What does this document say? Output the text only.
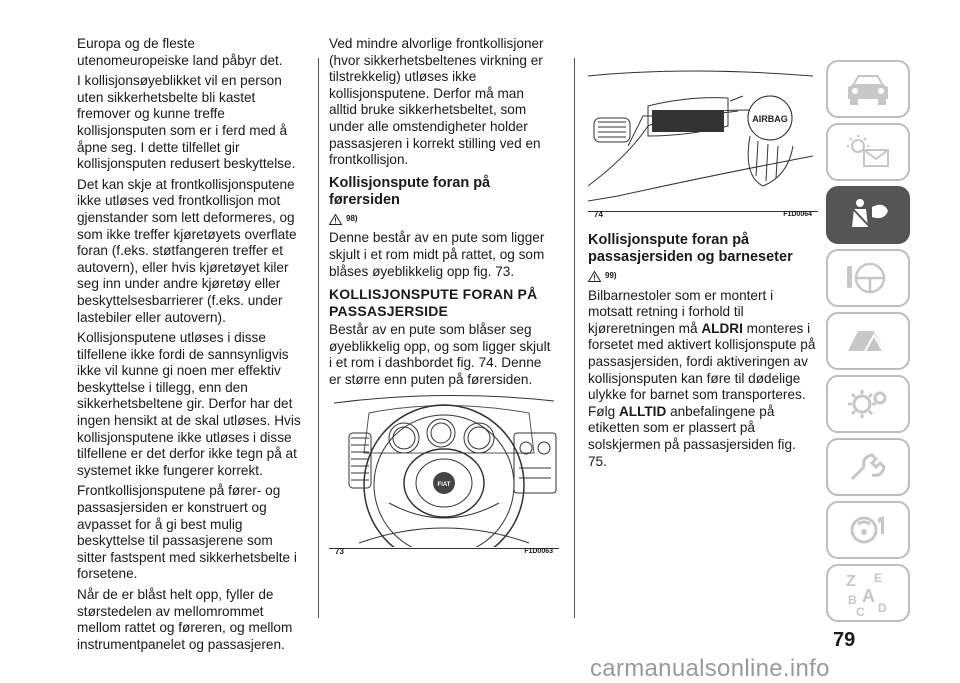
Europa og de fleste utenomeuropeiske land påbyr det.

I kollisjonsøyeblikket vil en person uten sikkerhetsbelte bli kastet fremover og kunne treffe kollisjonsputen som er i ferd med å åpne seg. I dette tilfellet gir kollisjonsputen redusert beskyttelse.

Det kan skje at frontkollisjonsputene ikke utløses ved frontkollisjon mot gjenstander som lett deformeres, og som ikke treffer kjøretøyets overflate foran (f.eks. støtfangeren treffer et autovern), eller hvis kjøretøyet kiler seg inn under andre kjøretøy eller beskyttelsesbarrierer (f.eks. under lastebiler eller autovern).

Kollisjonsputene utløses i disse tilfellene ikke fordi de sannsynligvis ikke vil kunne gi noen mer effektiv beskyttelse i tillegg, enn den sikkerhetsbeltene gir. Derfor har det ingen hensikt at de skal utløses. Hvis kollisjonsputene ikke utløses i disse tilfellene er det derfor ikke tegn på at systemet ikke fungerer korrekt.

Frontkollisjonsputene på fører- og passasjersiden er konstruert og avpasset for å gi best mulig beskyttelse til passasjerene som sitter fastspent med sikkerhetsbelte i forsetene.

Når de er blåst helt opp, fyller de størstedelen av mellomrommet mellom rattet og føreren, og mellom instrumentpanelet og passasjeren.

Ved mindre alvorlige frontkollisjoner (hvor sikkerhetsbeltenes virkning er tilstrekkelig) utløses ikke kollisjonsputene. Derfor må man alltid bruke sikkerhetsbeltet, som under alle omstendigheter holder passasjeren i korrekt stilling ved en frontkollisjon.

Kollisjonspute foran på førersiden
98)

Denne består av en pute som ligger skjult i et rom midt på rattet, og som blåses øyeblikkelig opp fig. 73.

KOLLISJONSPUTE FORAN PÅ PASSASJERSIDE

Består av en pute som blåser seg øyeblikkelig opp, og som ligger skjult i et rom i dashbordet fig. 74. Denne er større enn puten på førersiden.

FIAT
73	F1D0063
AIRBAG
74	F1D0064
Kollisjonspute foran på passasjersiden og barneseter
99)

Bilbarnestoler som er montert i motsatt retning i forhold til kjøreretningen må ALDRI monteres i forsetet med aktivert kollisjonspute på passasjersiden, fordi aktiveringen av kollisjonsputen kan føre til dødelige ulykke for barnet som transporteres. Følg ALLTID anbefalingene på etiketten som er plassert på solskjermen på passasjersiden fig. 75.

Z E
B A
C D
79
carmanualsonline.info
